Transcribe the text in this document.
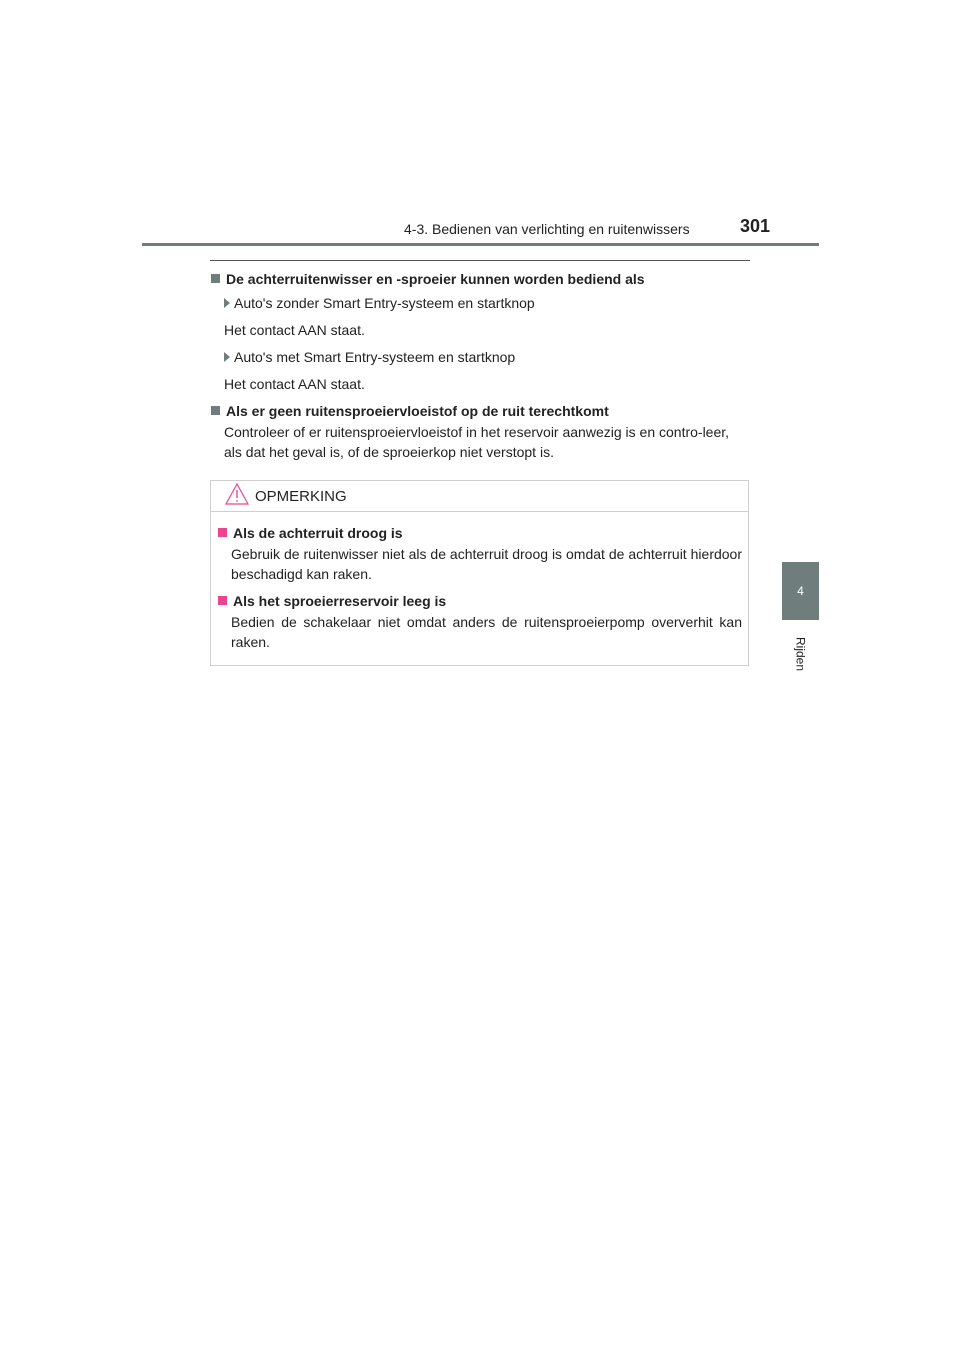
4-3. Bedienen van verlichting en ruitenwissers	301
4
Rijden
De achterruitenwisser en -sproeier kunnen worden bediend als
Auto's zonder Smart Entry-systeem en startknop
Het contact AAN staat.
Auto's met Smart Entry-systeem en startknop
Het contact AAN staat.
Als er geen ruitensproeiervloeistof op de ruit terechtkomt
Controleer of er ruitensproeiervloeistof in het reservoir aanwezig is en contro-leer, als dat het geval is, of de sproeierkop niet verstopt is.
OPMERKING
Als de achterruit droog is
Gebruik de ruitenwisser niet als de achterruit droog is omdat de achterruit hierdoor beschadigd kan raken.
Als het sproeierreservoir leeg is
Bedien de schakelaar niet omdat anders de ruitensproeierpomp oververhit kan raken.
